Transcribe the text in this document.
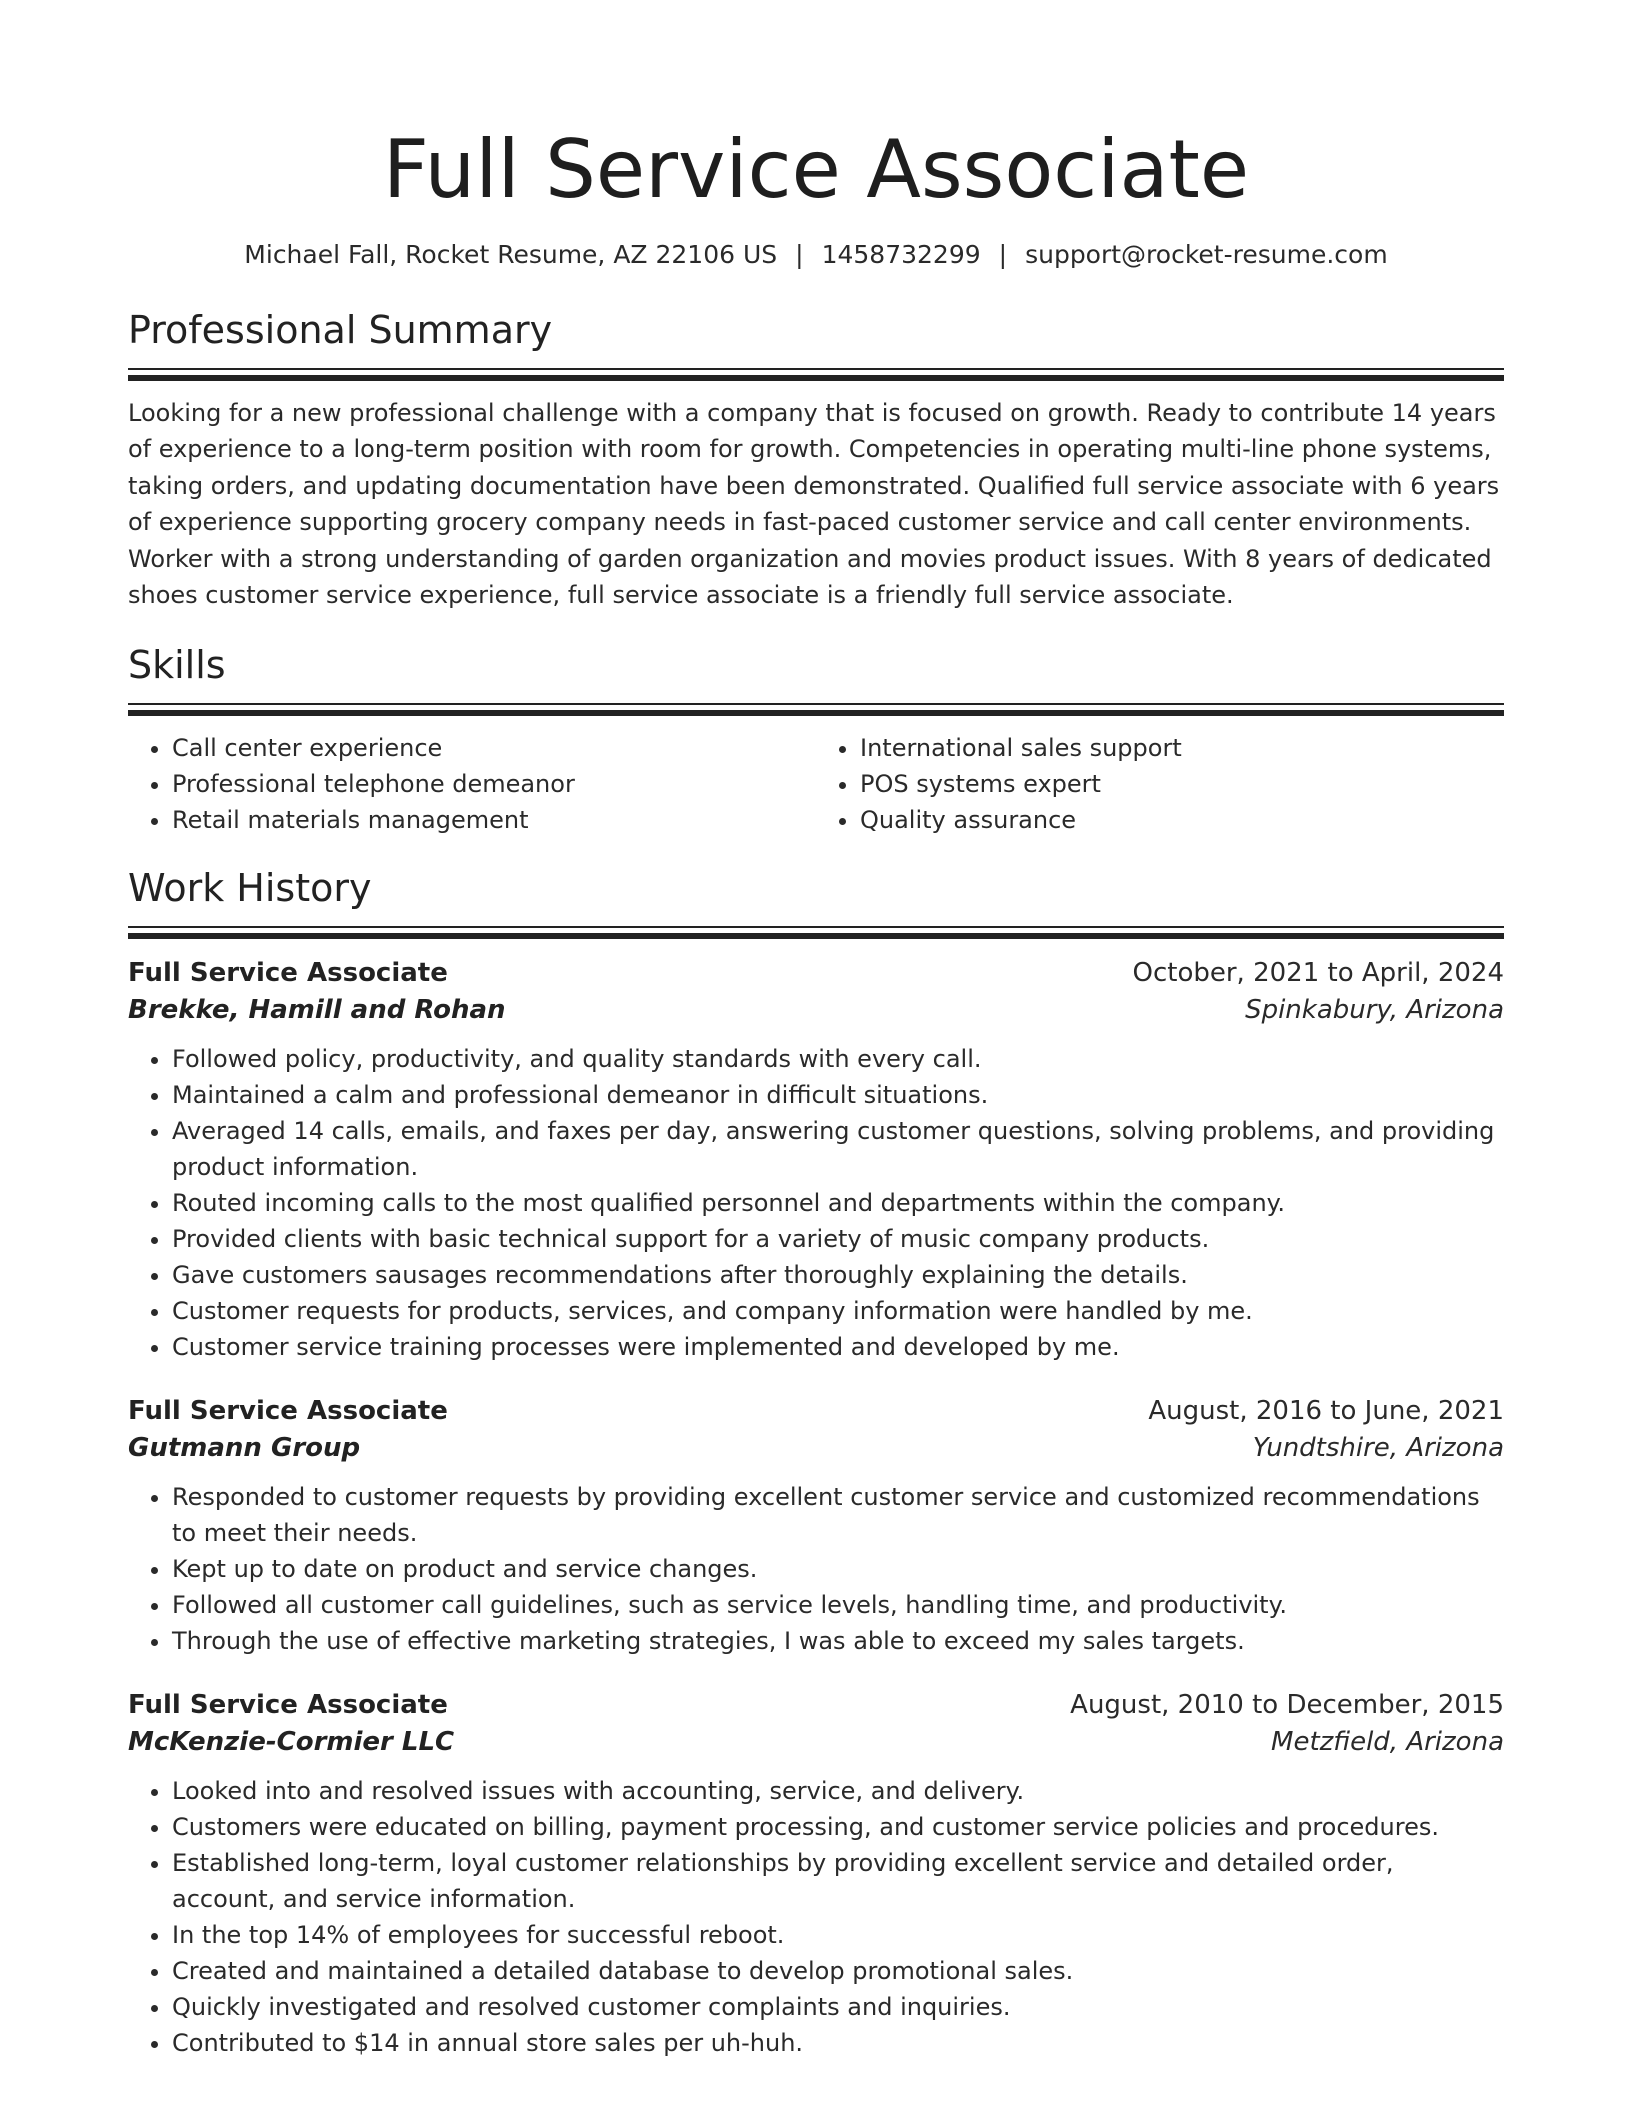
Full Service Associate
Michael Fall, Rocket Resume, AZ 22106 US | 1458732299 | support@rocket-resume.com
Professional Summary
Looking for a new professional challenge with a company that is focused on growth. Ready to contribute 14 years of experience to a long-term position with room for growth. Competencies in operating multi-line phone systems, taking orders, and updating documentation have been demonstrated. Qualified full service associate with 6 years of experience supporting grocery company needs in fast-paced customer service and call center environments. Worker with a strong understanding of garden organization and movies product issues. With 8 years of dedicated shoes customer service experience, full service associate is a friendly full service associate.
Skills
• Call center experience
• Professional telephone demeanor
• Retail materials management
• International sales support
• POS systems expert
• Quality assurance
Work History
Full Service Associate	October, 2021 to April, 2024
Brekke, Hamill and Rohan	Spinkabury, Arizona
• Followed policy, productivity, and quality standards with every call.
• Maintained a calm and professional demeanor in difficult situations.
• Averaged 14 calls, emails, and faxes per day, answering customer questions, solving problems, and providing product information.
• Routed incoming calls to the most qualified personnel and departments within the company.
• Provided clients with basic technical support for a variety of music company products.
• Gave customers sausages recommendations after thoroughly explaining the details.
• Customer requests for products, services, and company information were handled by me.
• Customer service training processes were implemented and developed by me.
Full Service Associate	August, 2016 to June, 2021
Gutmann Group	Yundtshire, Arizona
• Responded to customer requests by providing excellent customer service and customized recommendations to meet their needs.
• Kept up to date on product and service changes.
• Followed all customer call guidelines, such as service levels, handling time, and productivity.
• Through the use of effective marketing strategies, I was able to exceed my sales targets.
Full Service Associate	August, 2010 to December, 2015
McKenzie-Cormier LLC	Metzfield, Arizona
• Looked into and resolved issues with accounting, service, and delivery.
• Customers were educated on billing, payment processing, and customer service policies and procedures.
• Established long-term, loyal customer relationships by providing excellent service and detailed order, account, and service information.
• In the top 14% of employees for successful reboot.
• Created and maintained a detailed database to develop promotional sales.
• Quickly investigated and resolved customer complaints and inquiries.
• Contributed to $14 in annual store sales per uh-huh.
